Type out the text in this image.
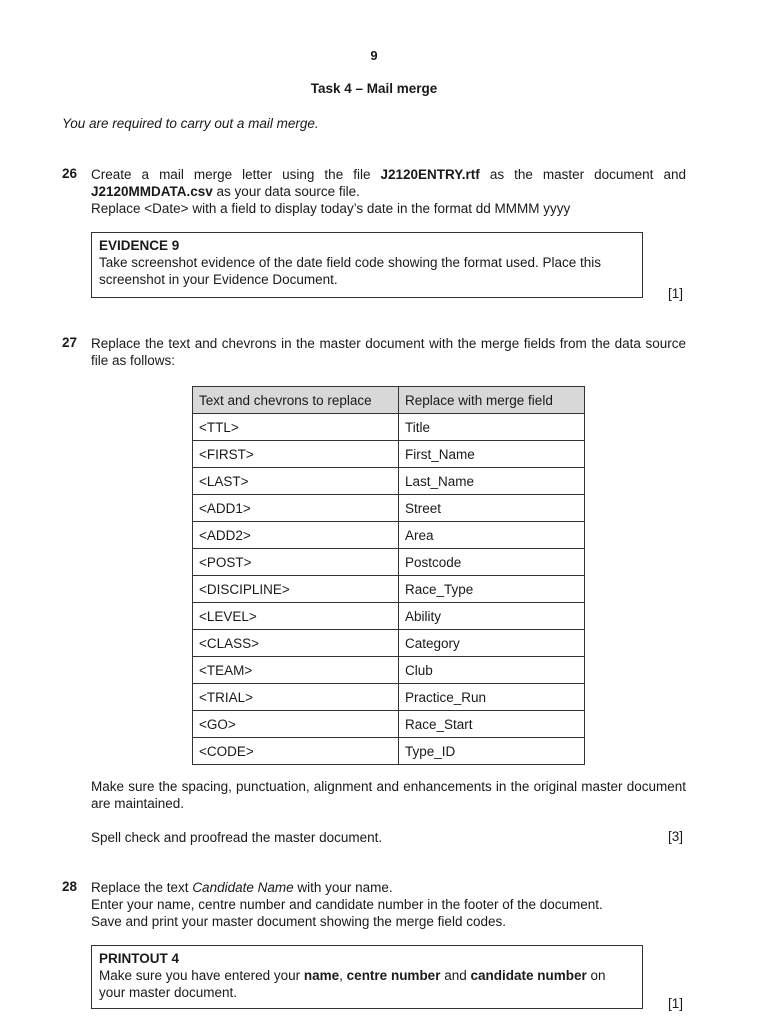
9
Task 4 – Mail merge
You are required to carry out a mail merge.
26 Create a mail merge letter using the file J2120ENTRY.rtf as the master document and J2120MMDATA.csv as your data source file.
Replace <Date> with a field to display today’s date in the format dd MMMM yyyy
EVIDENCE 9
Take screenshot evidence of the date field code showing the format used. Place this screenshot in your Evidence Document.
[1]
27 Replace the text and chevrons in the master document with the merge fields from the data source file as follows:
Text and chevrons to replace	Replace with merge field
<TTL>	Title
<FIRST>	First_Name
<LAST>	Last_Name
<ADD1>	Street
<ADD2>	Area
<POST>	Postcode
<DISCIPLINE>	Race_Type
<LEVEL>	Ability
<CLASS>	Category
<TEAM>	Club
<TRIAL>	Practice_Run
<GO>	Race_Start
<CODE>	Type_ID
Make sure the spacing, punctuation, alignment and enhancements in the original master document are maintained.
Spell check and proofread the master document.	[3]
28 Replace the text Candidate Name with your name.
Enter your name, centre number and candidate number in the footer of the document.
Save and print your master document showing the merge field codes.
PRINTOUT 4
Make sure you have entered your name, centre number and candidate number on your master document.
[1]
